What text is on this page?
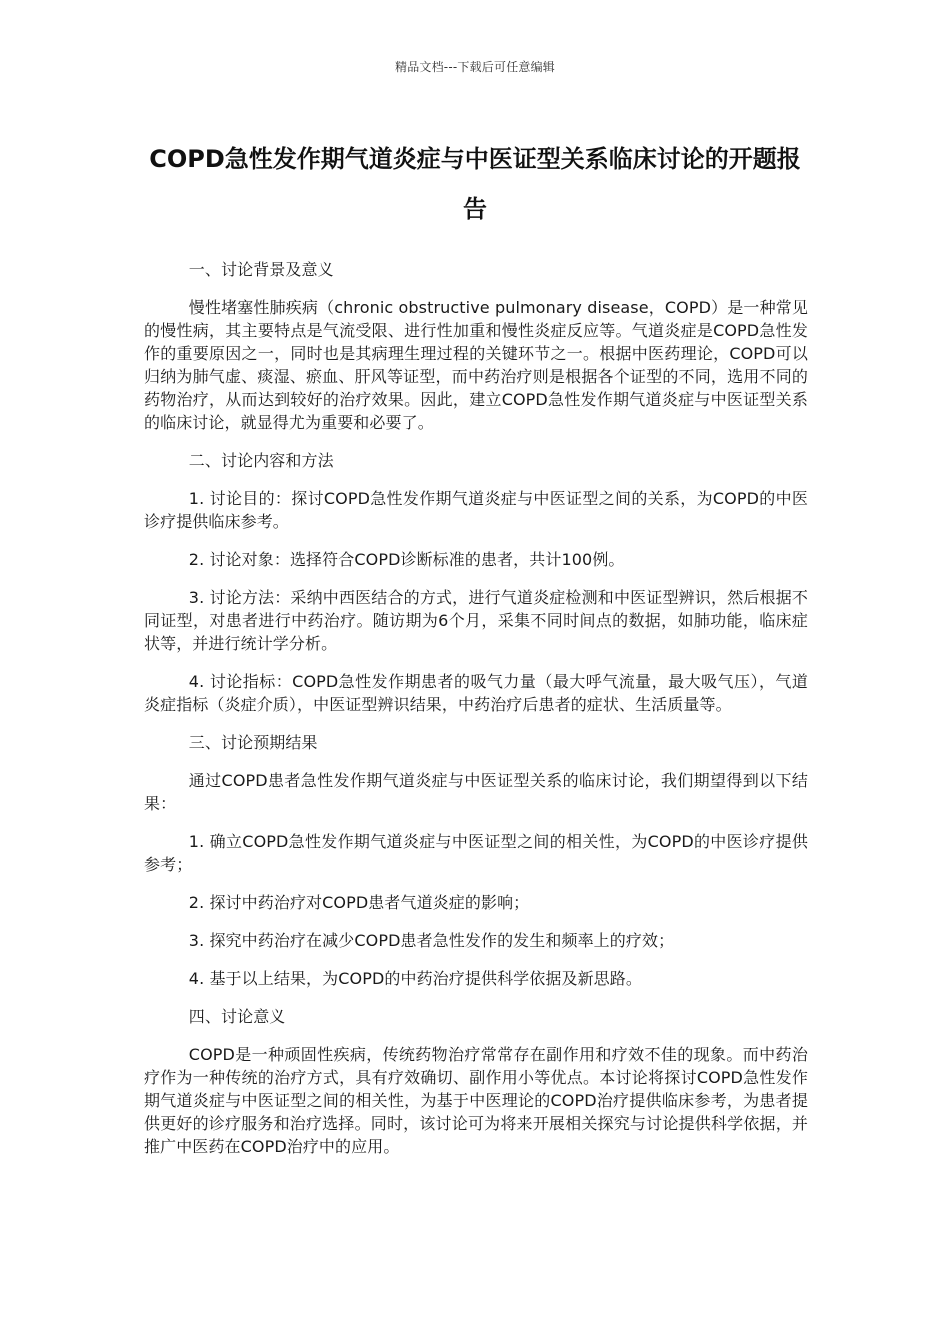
精品文档---下载后可任意编辑
COPD急性发作期气道炎症与中医证型关系临床讨论的开题报告

一、讨论背景及意义

慢性堵塞性肺疾病（chronic obstructive pulmonary disease，COPD）是一种常见的慢性病，其主要特点是气流受限、进行性加重和慢性炎症反应等。气道炎症是COPD急性发作的重要原因之一，同时也是其病理生理过程的关键环节之一。根据中医药理论，COPD可以归纳为肺气虚、痰湿、瘀血、肝风等证型，而中药治疗则是根据各个证型的不同，选用不同的药物治疗，从而达到较好的治疗效果。因此，建立COPD急性发作期气道炎症与中医证型关系的临床讨论，就显得尤为重要和必要了。

二、讨论内容和方法

1. 讨论目的：探讨COPD急性发作期气道炎症与中医证型之间的关系，为COPD的中医诊疗提供临床参考。

2. 讨论对象：选择符合COPD诊断标准的患者，共计100例。

3. 讨论方法：采纳中西医结合的方式，进行气道炎症检测和中医证型辨识，然后根据不同证型，对患者进行中药治疗。随访期为6个月，采集不同时间点的数据，如肺功能，临床症状等，并进行统计学分析。

4. 讨论指标：COPD急性发作期患者的吸气力量（最大呼气流量，最大吸气压），气道炎症指标（炎症介质），中医证型辨识结果，中药治疗后患者的症状、生活质量等。

三、讨论预期结果

通过COPD患者急性发作期气道炎症与中医证型关系的临床讨论，我们期望得到以下结果：

1. 确立COPD急性发作期气道炎症与中医证型之间的相关性，为COPD的中医诊疗提供参考；

2. 探讨中药治疗对COPD患者气道炎症的影响；

3. 探究中药治疗在减少COPD患者急性发作的发生和频率上的疗效；

4. 基于以上结果，为COPD的中药治疗提供科学依据及新思路。

四、讨论意义

COPD是一种顽固性疾病，传统药物治疗常常存在副作用和疗效不佳的现象。而中药治疗作为一种传统的治疗方式，具有疗效确切、副作用小等优点。本讨论将探讨COPD急性发作期气道炎症与中医证型之间的相关性，为基于中医理论的COPD治疗提供临床参考，为患者提供更好的诊疗服务和治疗选择。同时，该讨论可为将来开展相关探究与讨论提供科学依据，并推广中医药在COPD治疗中的应用。
